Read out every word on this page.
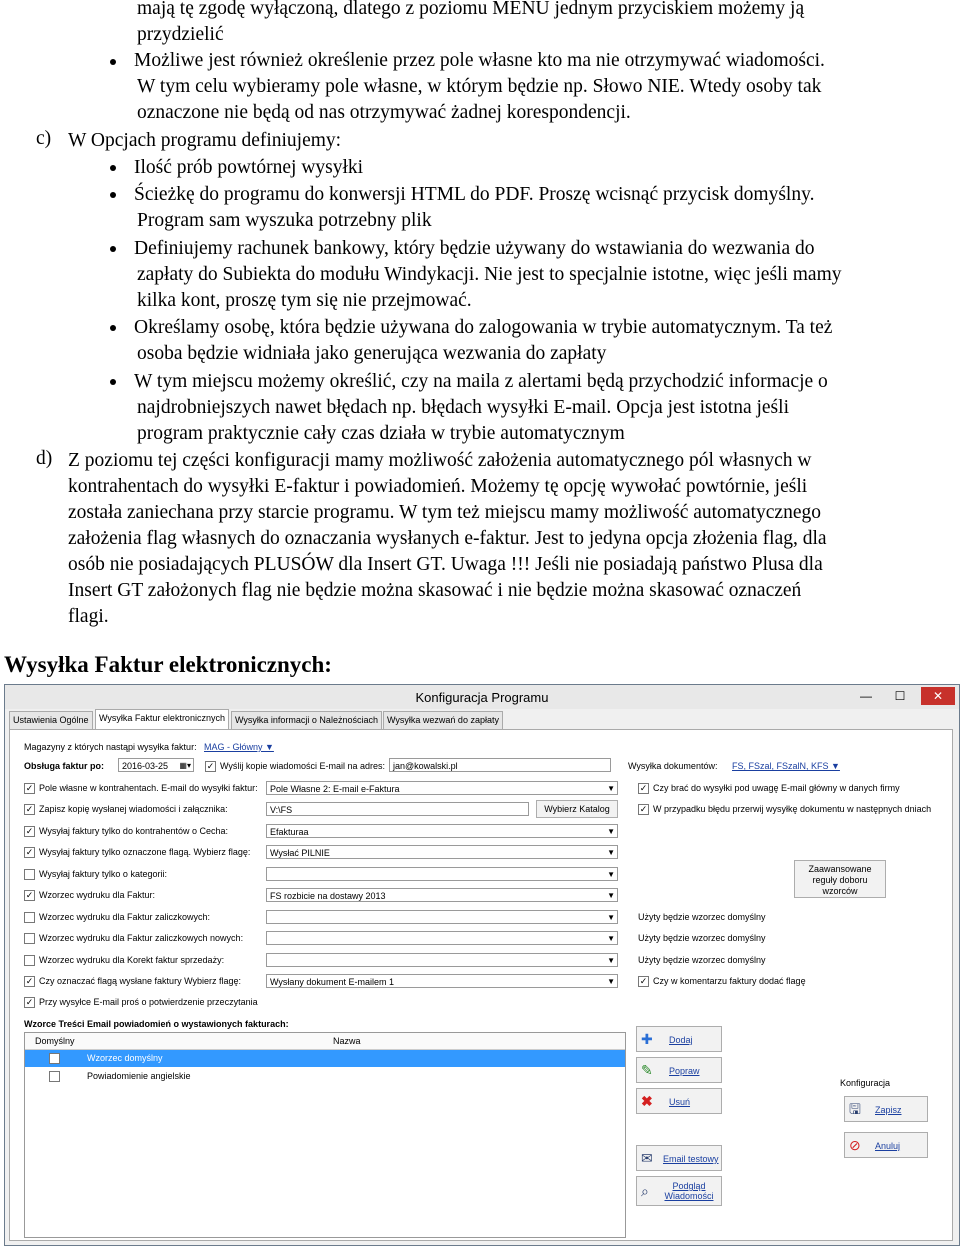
mają tę zgodę wyłączoną, dlatego z poziomu MENU jednym przyciskiem możemy ją
przydzielić
Możliwe jest również określenie przez pole własne kto ma nie otrzymywać wiadomości.
W tym celu wybieramy pole własne, w którym będzie np. Słowo NIE. Wtedy osoby tak
oznaczone nie będą od nas otrzymywać żadnej korespondencji.
c) W Opcjach programu definiujemy:
Ilość prób powtórnej wysyłki
Ścieżkę do programu do konwersji HTML do PDF. Proszę wcisnąć przycisk domyślny.
Program sam wyszuka potrzebny plik
Definiujemy rachunek bankowy, który będzie używany do wstawiania do wezwania do
zapłaty do Subiekta do modułu Windykacji. Nie jest to specjalnie istotne, więc jeśli mamy
kilka kont, proszę tym się nie przejmować.
Określamy osobę, która będzie używana do zalogowania w trybie automatycznym. Ta też
osoba będzie widniała jako generująca wezwania do zapłaty
W tym miejscu możemy określić, czy na maila z alertami będą przychodzić informacje o
najdrobniejszych nawet błędach np. błędach wysyłki E-mail. Opcja jest istotna jeśli
program praktycznie cały czas działa w trybie automatycznym
d) Z poziomu tej części konfiguracji mamy możliwość założenia automatycznego pól własnych w
kontrahentach do wysyłki E-faktur i powiadomień. Możemy tę opcję wywołać powtórnie, jeśli
została zaniechana przy starcie programu. W tym też miejscu mamy możliwość automatycznego
założenia flag własnych do oznaczania wysłanych e-faktur. Jest to jedyna opcja złożenia flag, dla
osób nie posiadających PLUSÓW dla Insert GT. Uwaga !!! Jeśli nie posiadają państwo Plusa dla
Insert GT założonych flag nie będzie można skasować i nie będzie można skasować oznaczeń
flagi.
Wysyłka Faktur elektronicznych:
Konfiguracja Programu	—	☐	✕
Ustawienia Ogólne	Wysyłka Faktur elektronicznych	Wysyłka informacji o Należnościach	Wysyłka wezwań do zapłaty
Magazyny z których nastąpi wysyłka faktur: MAG - Główny ▼
Obsługa faktur po:	2016-03-25 ▦▾ ✓ Wyślij kopie wiadomości E-mail na adres: jan@kowalski.pl	Wysyłka dokumentów: FS, FSzal, FSzalN, KFS ▼
✓ Pole własne w kontrahentach. E-mail do wysyłki faktur:	Pole Własne 2: E-mail e-Faktura	▼
✓ Zapisz kopię wysłanej wiadomości i załącznika:	V:\FS	Wybierz Katalog
✓ Wysyłaj faktury tylko do kontrahentów o Cecha:	Efakturaa	▼
✓ Wysyłaj faktury tylko oznaczone flagą. Wybierz flagę:	Wysłać PILNIE	▼
Wysyłaj faktury tylko o kategorii:	▼
✓ Wzorzec wydruku dla Faktur:	FS rozbicie na dostawy 2013	▼
Wzorzec wydruku dla Faktur zaliczkowych:	▼
Wzorzec wydruku dla Faktur zaliczkowych nowych:	▼
Wzorzec wydruku dla Korekt faktur sprzedaży:	▼
✓ Czy oznaczać flagą wysłane faktury Wybierz flagę:	Wysłany dokument E-mailem 1	▼
✓ Przy wysyłce E-mail proś o potwierdzenie przeczytania
✓ Czy brać do wysyłki pod uwagę E-mail główny w danych firmy
✓ W przypadku błędu przerwij wysyłkę dokumentu w następnych dniach
Zaawansowane reguły doboru wzorców
Użyty będzie wzorzec domyślny
Użyty będzie wzorzec domyślny
Użyty będzie wzorzec domyślny
✓ Czy w komentarzu faktury dodać flagę
Wzorce Treści Email powiadomień o wystawionych fakturach:
Domyślny	Nazwa
✓	Wzorzec domyślny
Powiadomienie angielskie
✚ Dodaj
✎ Popraw
✖ Usuń
✉ Email testowy
⌕	Podgląd Wiadomości
Konfiguracja
🖫 Zapisz
⊘ Anuluj
